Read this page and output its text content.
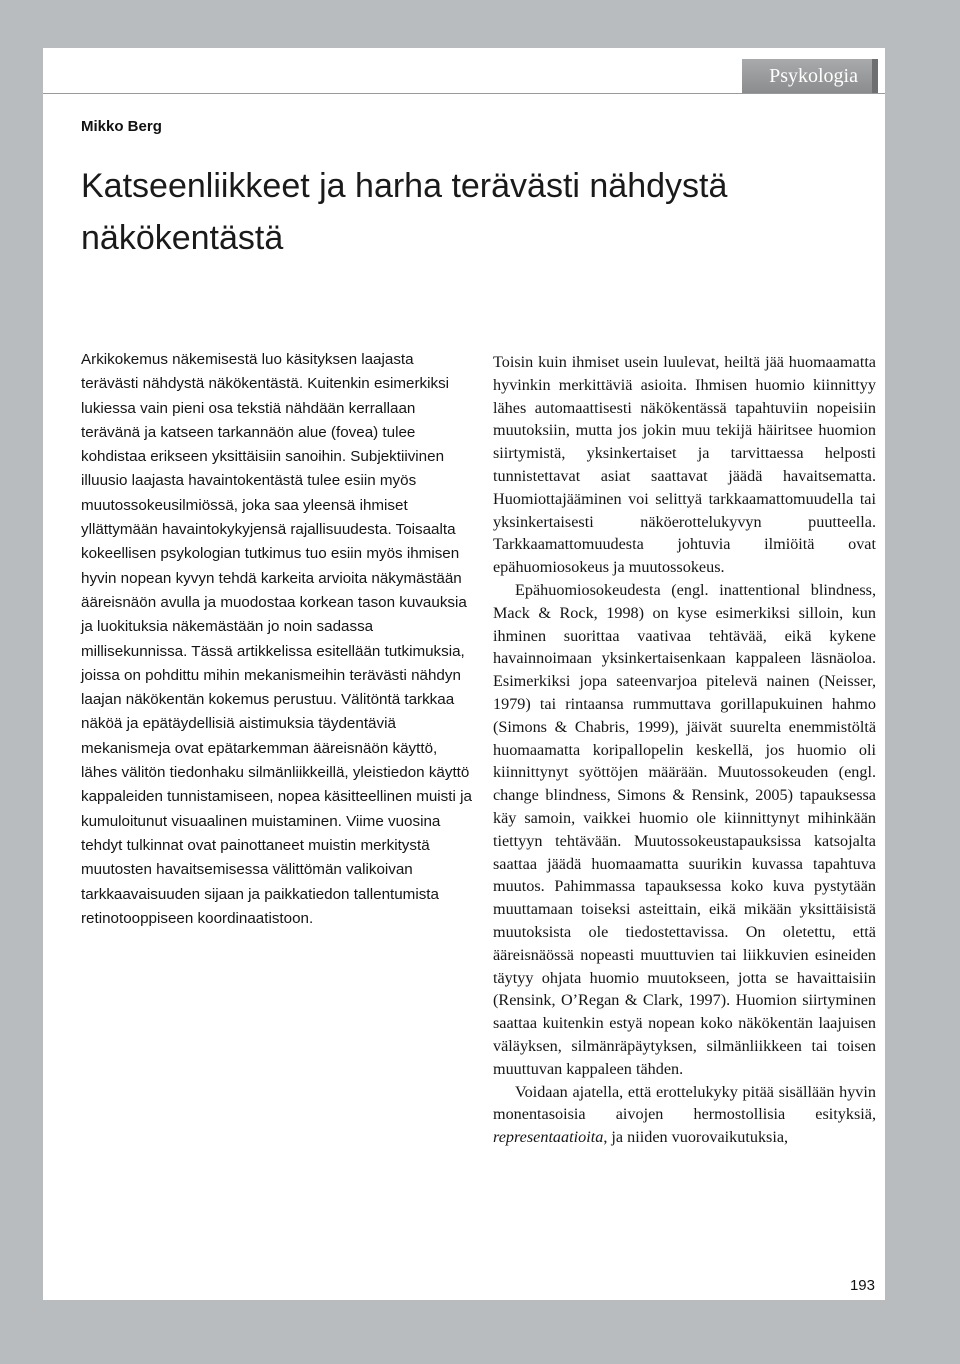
Psykologia
Mikko Berg
Katseenliikkeet ja harha terävästi nähdystä näkökentästä

Arkikokemus näkemisestä luo käsityksen laajasta terävästi nähdystä näkökentästä. Kuitenkin esimerkiksi lukiessa vain pieni osa tekstiä nähdään kerrallaan terävänä ja katseen tarkannäön alue (fovea) tulee kohdistaa erikseen yksittäisiin sanoihin. Subjektiivinen illuusio laajasta havaintokentästä tulee esiin myös muutossokeusilmiössä, joka saa yleensä ihmiset yllättymään havaintokykyjensä rajallisuudesta. Toisaalta kokeellisen psykologian tutkimus tuo esiin myös ihmisen hyvin nopean kyvyn tehdä karkeita arvioita näkymästään ääreisnäön avulla ja muodostaa korkean tason kuvauksia ja luokituksia näkemästään jo noin sadassa millisekunnissa. Tässä artikkelissa esitellään tutkimuksia, joissa on pohdittu mihin mekanismeihin terävästi nähdyn laajan näkökentän kokemus perustuu. Välitöntä tarkkaa näköä ja epätäydellisiä aistimuksia täydentäviä mekanismeja ovat epätarkemman ääreisnäön käyttö, lähes välitön tiedonhaku silmänliikkeillä, yleistiedon käyttö kappaleiden tunnistamiseen, nopea käsitteellinen muisti ja kumuloitunut visuaalinen muistaminen. Viime vuosina tehdyt tulkinnat ovat painottaneet muistin merkitystä muutosten havaitsemisessa välittömän valikoivan tarkkaavaisuuden sijaan ja paikkatiedon tallentumista retinotooppiseen koordinaatistoon.

Toisin kuin ihmiset usein luulevat, heiltä jää huomaamatta hyvinkin merkittäviä asioita. Ihmisen huomio kiinnittyy lähes automaattisesti näkökentässä tapahtuviin nopeisiin muutoksiin, mutta jos jokin muu tekijä häiritsee huomion siirtymistä, yksinkertaiset ja tarvittaessa helposti tunnistettavat asiat saattavat jäädä havaitsematta. Huomiottajääminen voi selittyä tarkkaamattomuudella tai yksinkertaisesti näköerottelukyvyn puutteella. Tarkkaamattomuudesta johtuvia ilmiöitä ovat epähuomiosokeus ja muutossokeus.

Epähuomiosokeudesta (engl. inattentional blindness, Mack & Rock, 1998) on kyse esimerkiksi silloin, kun ihminen suorittaa vaativaa tehtävää, eikä kykene havainnoimaan yksinkertaisenkaan kappaleen läsnäoloa. Esimerkiksi jopa sateenvarjoa pitelevä nainen (Neisser, 1979) tai rintaansa rummuttava gorillapukuinen hahmo (Simons & Chabris, 1999), jäivät suurelta enemmistöltä huomaamatta koripallopelin keskellä, jos huomio oli kiinnittynyt syöttöjen määrään. Muutossokeuden (engl. change blindness, Simons & Rensink, 2005) tapauksessa käy samoin, vaikkei huomio ole kiinnittynyt mihinkään tiettyyn tehtävään. Muutossokeustapauksissa katsojalta saattaa jäädä huomaamatta suurikin kuvassa tapahtuva muutos. Pahimmassa tapauksessa koko kuva pystytään muuttamaan toiseksi asteittain, eikä mikään yksittäisistä muutoksista ole tiedostettavissa. On oletettu, että ääreisnäössä nopeasti muuttuvien tai liikkuvien esineiden täytyy ohjata huomio muutokseen, jotta se havaittaisiin (Rensink, O’Regan & Clark, 1997). Huomion siirtyminen saattaa kuitenkin estyä nopean koko näkökentän laajuisen väläyksen, silmänräpäytyksen, silmänliikkeen tai toisen muuttuvan kappaleen tähden.

Voidaan ajatella, että erottelukyky pitää sisällään hyvin monentasoisia aivojen hermostollisia esityksiä, representaatioita, ja niiden vuorovaikutuksia,

193
